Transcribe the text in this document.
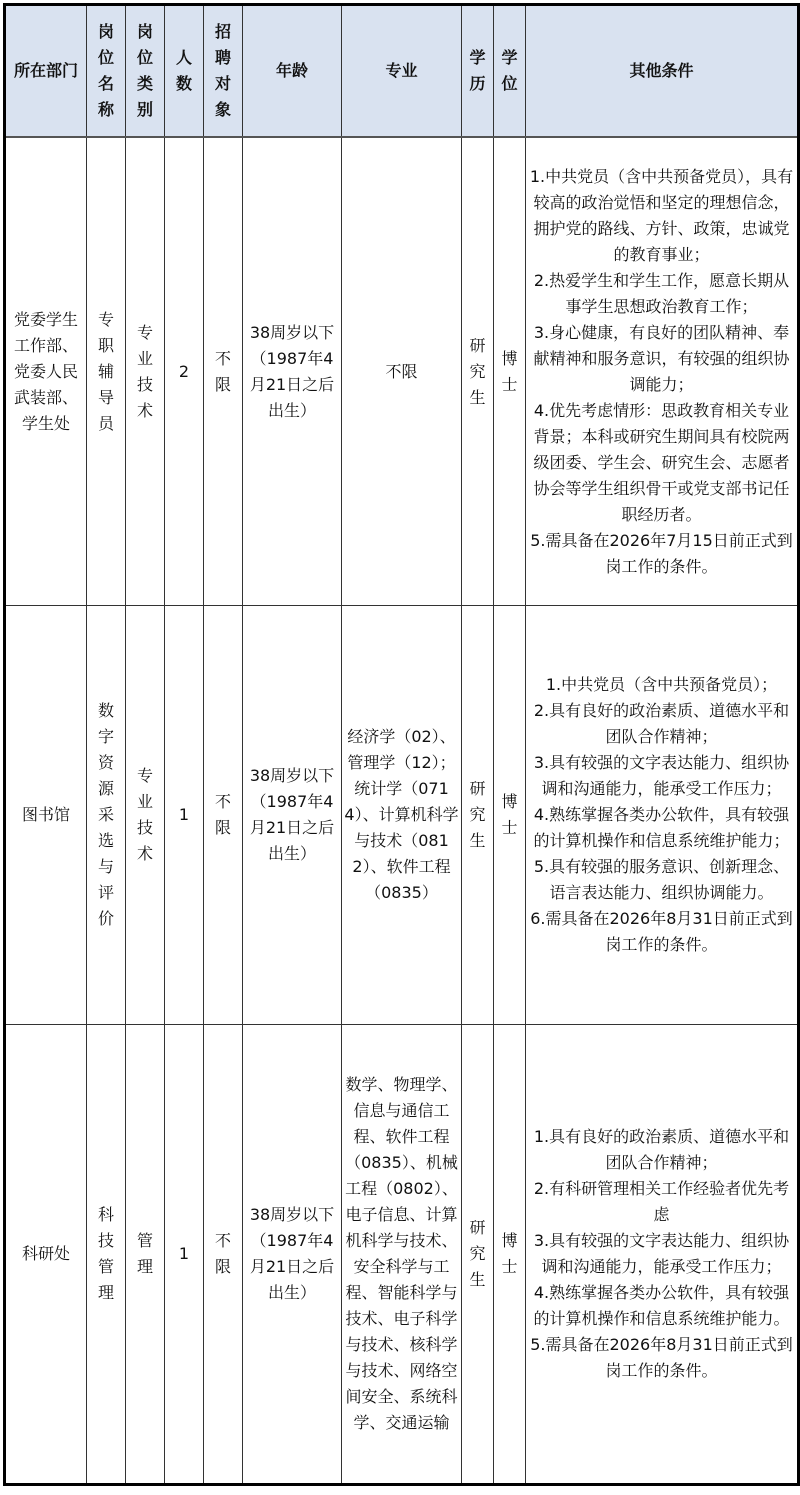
所在部门	岗位名称	岗位类别	人数	招聘对象	年龄	专业	学历	学位	其他条件
党委学生工作部、党委人民武装部、学生处	专职辅导员	专业技术	2	不限	38周岁以下（1987年4月21日之后出生）	不限	研究生	博士	1.中共党员（含中共预备党员），具有较高的政治觉悟和坚定的理想信念，拥护党的路线、方针、政策，忠诚党的教育事业；
2.热爱学生和学生工作，愿意长期从事学生思想政治教育工作；
3.身心健康，有良好的团队精神、奉献精神和服务意识，有较强的组织协调能力；
4.优先考虑情形：思政教育相关专业背景；本科或研究生期间具有校院两级团委、学生会、研究生会、志愿者协会等学生组织骨干或党支部书记任职经历者。
5.需具备在2026年7月15日前正式到岗工作的条件。

图书馆	数字资源采选与评价	专业技术	1	不限	38周岁以下（1987年4月21日之后出生）	经济学（02）、管理学（12）；统计学（0714）、计算机科学与技术（0812）、软件工程（0835）	研究生	博士	
1.中共党员（含中共预备党员）；
2.具有良好的政治素质、道德水平和团队合作精神；
3.具有较强的文字表达能力、组织协调和沟通能力，能承受工作压力；
4.熟练掌握各类办公软件，具有较强的计算机操作和信息系统维护能力；
5.具有较强的服务意识、创新理念、语言表达能力、组织协调能力。
6.需具备在2026年8月31日前正式到岗工作的条件。

科研处	科技管理	管理	1	不限	38周岁以下（1987年4月21日之后出生）	数学、物理学、信息与通信工程、软件工程（0835）、机械工程（0802）、电子信息、计算机科学与技术、安全科学与工程、智能科学与技术、电子科学与技术、核科学与技术、网络空间安全、系统科学、交通运输	研究生	博士	1.具有良好的政治素质、道德水平和团队合作精神；
2.有科研管理相关工作经验者优先考虑
3.具有较强的文字表达能力、组织协调和沟通能力，能承受工作压力；
4.熟练掌握各类办公软件，具有较强的计算机操作和信息系统维护能力。
5.需具备在2026年8月31日前正式到岗工作的条件。
